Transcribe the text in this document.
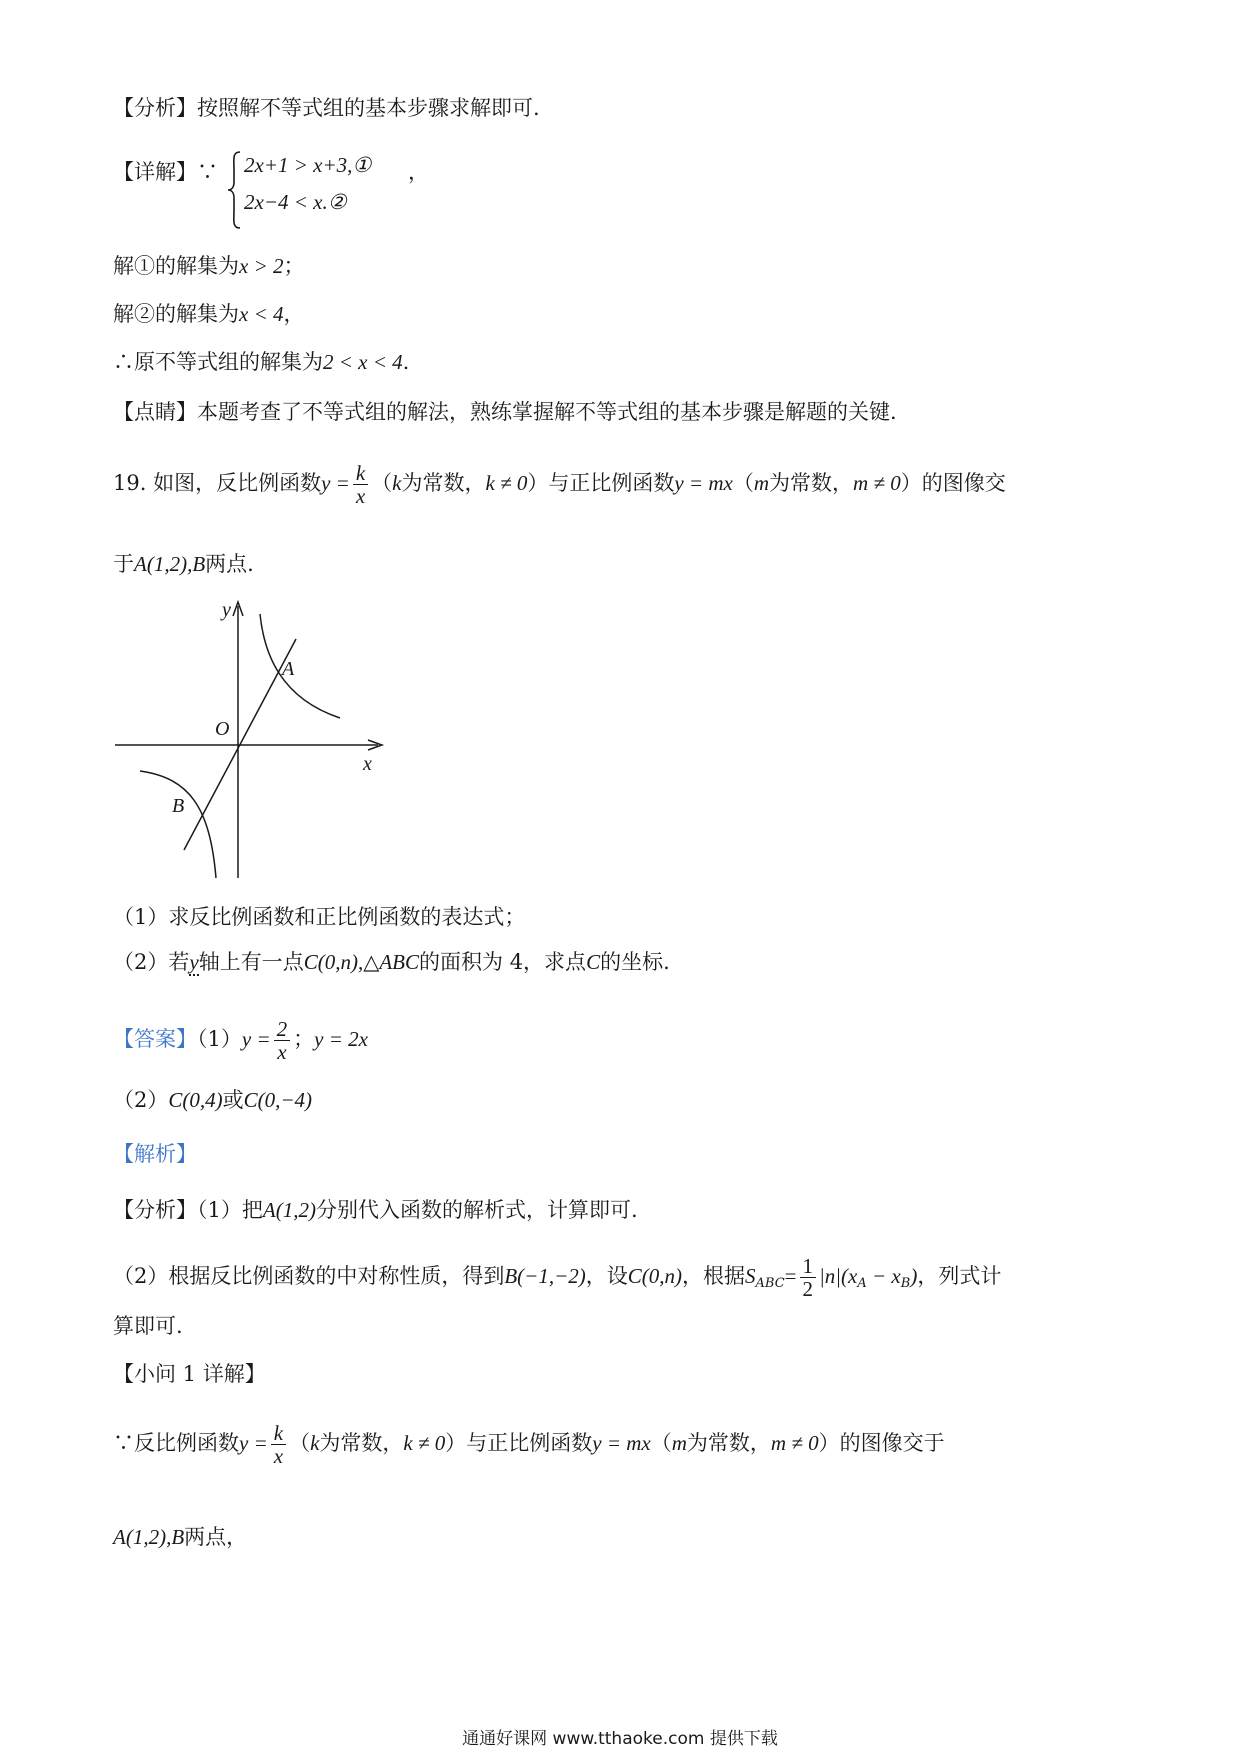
【分析】按照解不等式组的基本步骤求解即可.
【详解】∵ 2x+1 > x+3,①
2x−4 < x.②
，
解①的解集为x > 2；
解②的解集为x < 4，
∴原不等式组的解集为2 < x < 4.
【点睛】本题考查了不等式组的解法，熟练掌握解不等式组的基本步骤是解题的关键.
19. 如图，反比例函数$y = \frac{k}{x} (k$为常数，k ≠ 0）与正比例函数y = mx（m为常数，m ≠ 0）的图像交
于A(1,2),B两点.
y
x
O
A
B
（1）求反比例函数和正比例函数的表达式；
（2）若y轴上有一点C(0,n),△ABC的面积为 4，求点C的坐标.
【答案】$(1)y = \frac{2}{x}$ ；y = 2x
（2）C(0,4)或C(0,−4)
【解析】
【分析】（1）把A(1,2)分别代入函数的解析式，计算即可.
（2）根据反比例函数的中对称性质，得到B(−1,−2)，设C(0,n)，根据$S_{ABC}= \frac{1}{2} |n|(x_A - x_B)$，列式计
算即可.
【小问 1 详解】
∵反比例函数$y = \frac{k}{x} (k$为常数，k ≠ 0）与正比例函数y = mx（m为常数，m ≠ 0）的图像交于
A(1,2),B两点，
通通好课网 www.tthaoke.com 提供下载
